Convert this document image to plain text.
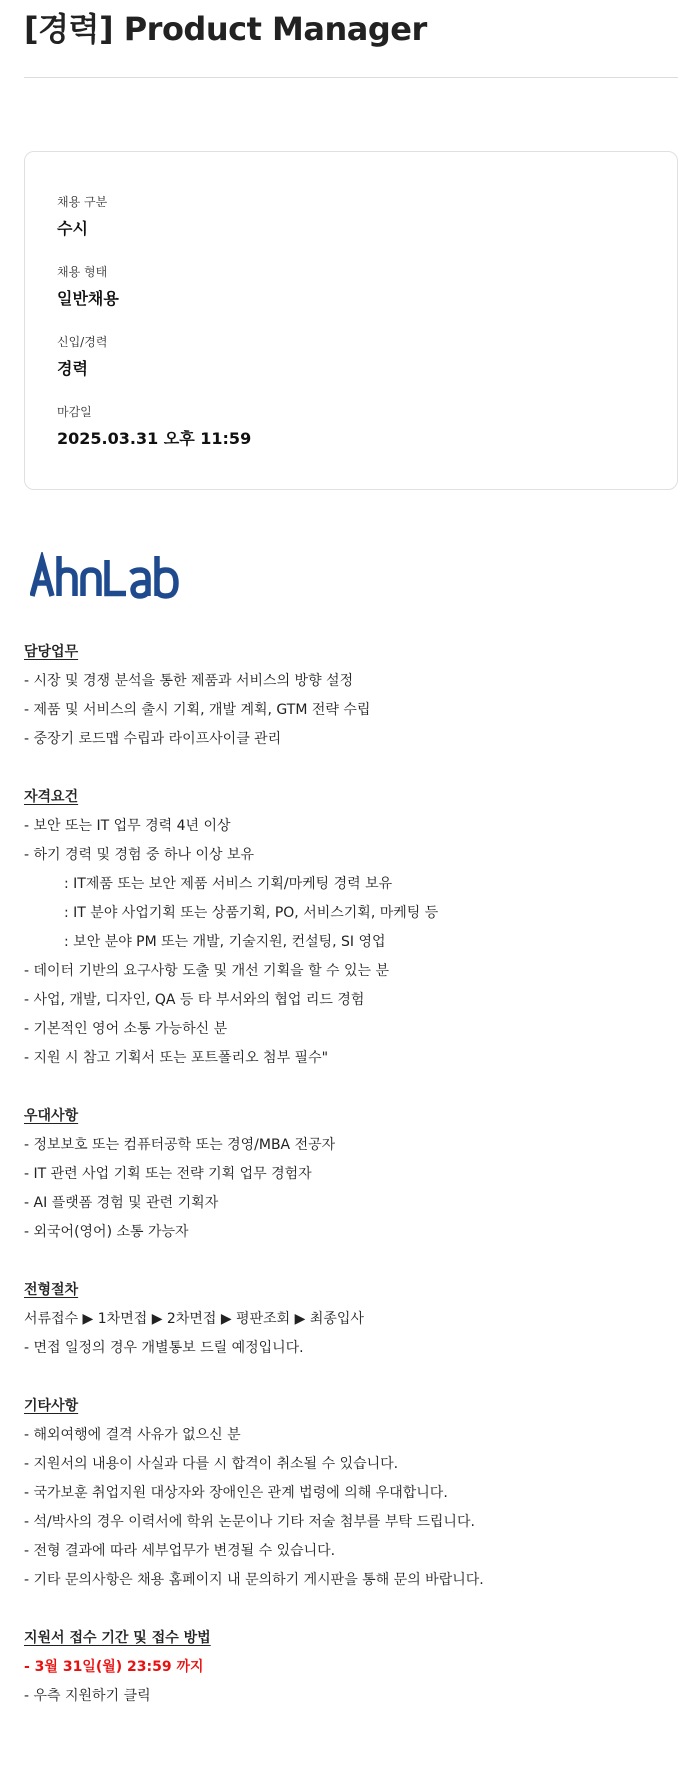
[경력] Product Manager
채용 구분
수시
채용 형태
일반채용
신입/경력
경력
마감일
2025.03.31 오후 11:59
담당업무
- 시장 및 경쟁 분석을 통한 제품과 서비스의 방향 설정
- 제품 및 서비스의 출시 기획, 개발 계획, GTM 전략 수립
- 중장기 로드맵 수립과 라이프사이클 관리
자격요건
- 보안 또는 IT 업무 경력 4년 이상
- 하기 경력 및 경험 중 하나 이상 보유
: IT제품 또는 보안 제품 서비스 기획/마케팅 경력 보유
: IT 분야 사업기획 또는 상품기획, PO, 서비스기획, 마케팅 등
: 보안 분야 PM 또는 개발, 기술지원, 컨설팅, SI 영업
- 데이터 기반의 요구사항 도출 및 개선 기획을 할 수 있는 분
- 사업, 개발, 디자인, QA 등 타 부서와의 협업 리드 경험
- 기본적인 영어 소통 가능하신 분
- 지원 시 참고 기획서 또는 포트폴리오 첨부 필수"
우대사항
- 정보보호 또는 컴퓨터공학 또는 경영/MBA 전공자
- IT 관련 사업 기획 또는 전략 기획 업무 경험자
- AI 플랫폼 경험 및 관련 기획자
- 외국어(영어) 소통 가능자
전형절차
서류접수 ▶ 1차면접 ▶ 2차면접 ▶ 평판조회 ▶ 최종입사
- 면접 일정의 경우 개별통보 드릴 예정입니다.
기타사항
- 해외여행에 결격 사유가 없으신 분
- 지원서의 내용이 사실과 다를 시 합격이 취소될 수 있습니다.
- 국가보훈 취업지원 대상자와 장애인은 관계 법령에 의해 우대합니다.
- 석/박사의 경우 이력서에 학위 논문이나 기타 저술 첨부를 부탁 드립니다.
- 전형 결과에 따라 세부업무가 변경될 수 있습니다.
- 기타 문의사항은 채용 홈페이지 내 문의하기 게시판을 통해 문의 바랍니다.
지원서 접수 기간 및 접수 방법
- 3월 31일(월) 23:59 까지
- 우측 지원하기 클릭
